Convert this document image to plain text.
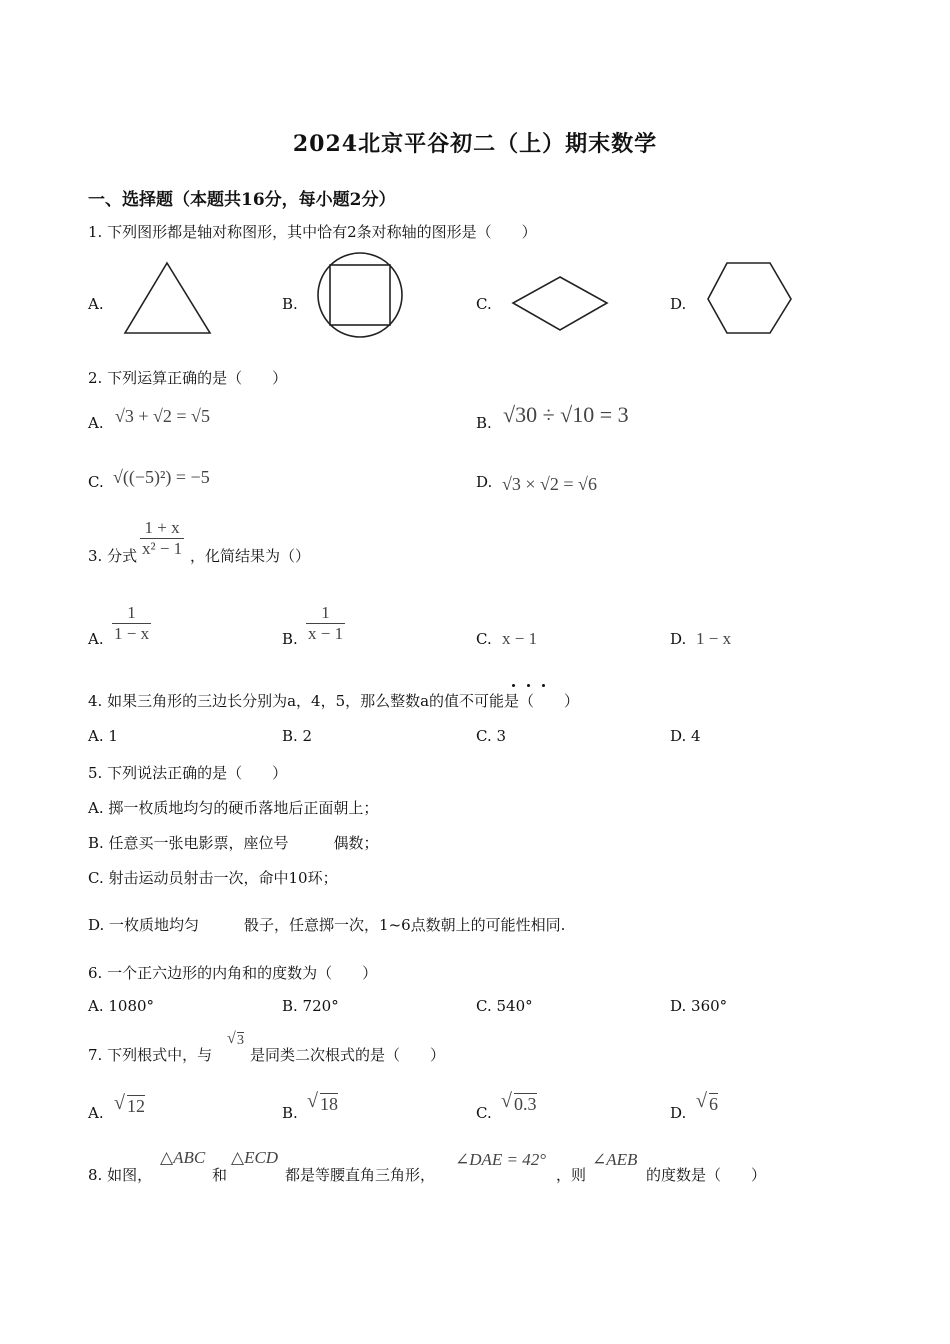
2024北京平谷初二（上）期末数学
一、选择题（本题共16分，每小题2分）
1. 下列图形都是轴对称图形，其中恰有2条对称轴的图形是（　　）
A.	B.	C.	D.
2. 下列运算正确的是（　　）
A. √3 + √2 = √5	B. √30 ÷ √10 = 3
C. √((−5)²) = −5	D. √3 × √2 = √6
3. 分式 $\frac{1 + x}{\text{x² − 1}}$ ，化简结果为（）
A. $\frac{1}{1 - x}$	B. $\frac{1}{x - 1}$	C. x − 1	D. 1 − x
4. 如果三角形的三边长分别为a，4，5，那么整数a的值不可能是（　　）
A. 1	B. 2	C. 3	D. 4
5. 下列说法正确的是（　　）
A. 掷一枚质地均匀的硬币落地后正面朝上；
B. 任意买一张电影票，座位号　　　偶数；
C. 射击运动员射击一次，命中10环；
D. 一枚质地均匀　　　骰子，任意掷一次，1~6点数朝上的可能性相同.
6. 一个正六边形的内角和的度数为（　　）
A. 1080°	B. 720°	C. 540°	D. 360°
7. 下列根式中，与
√ 3
是同类二次根式的是（　　）
A. √ 12	B.
√ 18	C.
√ 0.3	D.
√ 6
8. 如图，
△ABC
和
△ECD
都是等腰直角三角形，
∠DAE = 42°
，则
∠AEB
的度数是（　　）
